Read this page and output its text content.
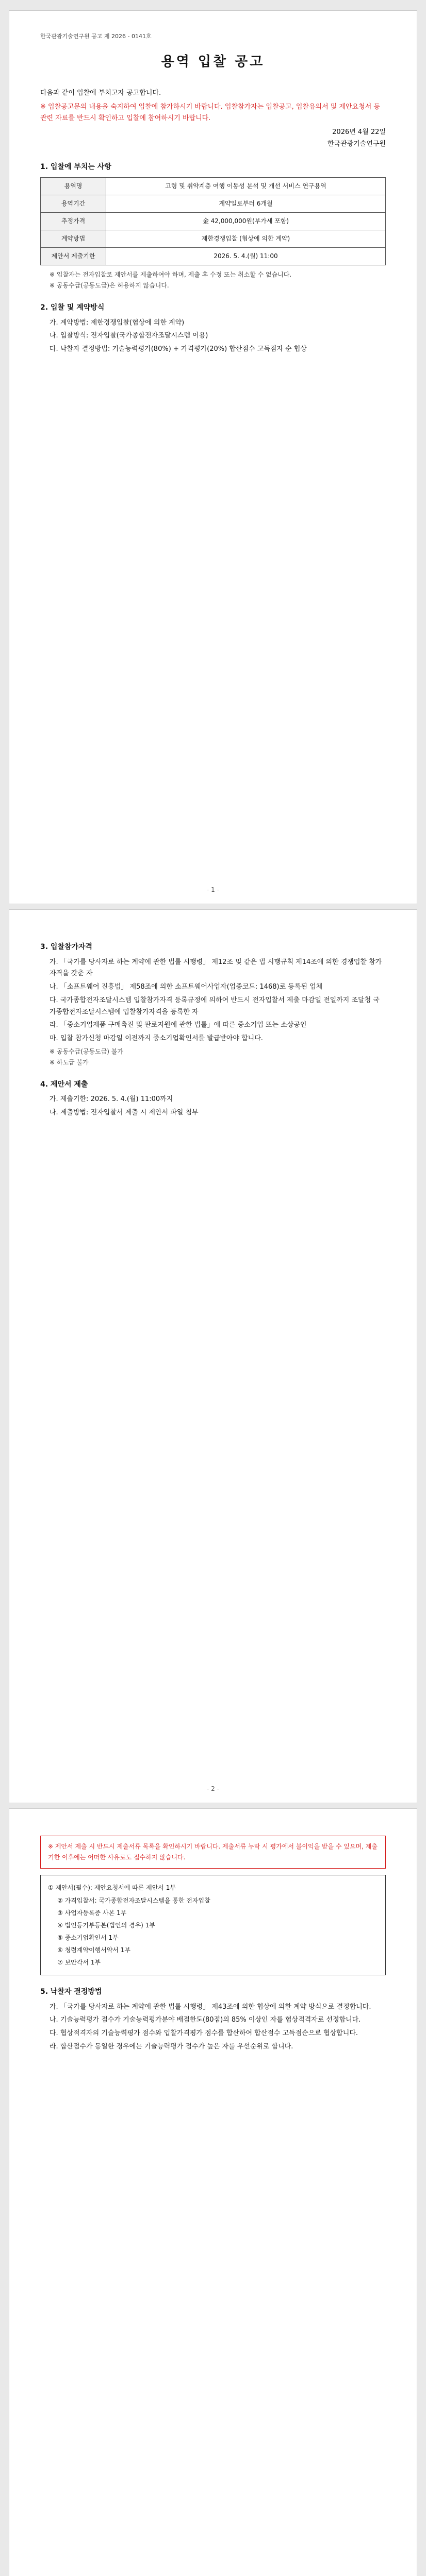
한국관광기술연구원 공고 제 2026 - 0141호
용역 입찰 공고
다음과 같이 입찰에 부치고자 공고합니다.
※ 입찰공고문의 내용을 숙지하여 입찰에 참가하시기 바랍니다. 입찰참가자는 입찰공고, 입찰유의서 및 제안요청서 등 관련 자료를 반드시 확인하고 입찰에 참여하시기 바랍니다.
2026년 4월 22일
한국관광기술연구원
1. 입찰에 부치는 사항
용역명	고령 및 취약계층 여행 이동성 분석 및 개선 서비스 연구용역
용역기간	계약일로부터 6개월
추정가격	金 42,000,000원(부가세 포함)
계약방법	제한경쟁입찰 (협상에 의한 계약)
제안서 제출기한	2026. 5. 4.(월) 11:00
※ 입찰자는 전자입찰로 제안서를 제출하여야 하며, 제출 후 수정 또는 취소할 수 없습니다.
※ 공동수급(공동도급)은 허용하지 않습니다.
2. 입찰 및 계약방식
가. 계약방법: 제한경쟁입찰(협상에 의한 계약)
나. 입찰방식: 전자입찰(국가종합전자조달시스템 이용)
다. 낙찰자 결정방법: 기술능력평가(80%) + 가격평가(20%) 합산점수 고득점자 순 협상
- 1 -
3. 입찰참가자격
가. 「국가를 당사자로 하는 계약에 관한 법률 시행령」 제12조 및 같은 법 시행규칙 제14조에 의한 경쟁입찰 참가자격을 갖춘 자
나. 「소프트웨어 진흥법」 제58조에 의한 소프트웨어사업자(업종코드: 1468)로 등록된 업체
다. 국가종합전자조달시스템 입찰참가자격 등록규정에 의하여 반드시 전자입찰서 제출 마감일 전일까지 조달청 국가종합전자조달시스템에 입찰참가자격을 등록한 자
라. 「중소기업제품 구매촉진 및 판로지원에 관한 법률」에 따른 중소기업 또는 소상공인
마. 입찰 참가신청 마감일 이전까지 중소기업확인서를 발급받아야 합니다.
※ 공동수급(공동도급) 불가
※ 하도급 불가
4. 제안서 제출
가. 제출기한: 2026. 5. 4.(월) 11:00까지
나. 제출방법: 전자입찰서 제출 시 제안서 파일 첨부
- 2 -
※ 제안서 제출 시 반드시 제출서류 목록을 확인하시기 바랍니다. 제출서류 누락 시 평가에서 불이익을 받을 수 있으며, 제출기한 이후에는 어떠한 사유로도 접수하지 않습니다.
① 제안서(필수): 제안요청서에 따른 제안서 1부
② 가격입찰서: 국가종합전자조달시스템을 통한 전자입찰
③ 사업자등록증 사본 1부
④ 법인등기부등본(법인의 경우) 1부
⑤ 중소기업확인서 1부
⑥ 청렴계약이행서약서 1부
⑦ 보안각서 1부
5. 낙찰자 결정방법
가. 「국가를 당사자로 하는 계약에 관한 법률 시행령」 제43조에 의한 협상에 의한 계약 방식으로 결정합니다.
나. 기술능력평가 점수가 기술능력평가분야 배점한도(80점)의 85% 이상인 자를 협상적격자로 선정합니다.
다. 협상적격자의 기술능력평가 점수와 입찰가격평가 점수를 합산하여 합산점수 고득점순으로 협상합니다.
라. 합산점수가 동일한 경우에는 기술능력평가 점수가 높은 자를 우선순위로 합니다.
